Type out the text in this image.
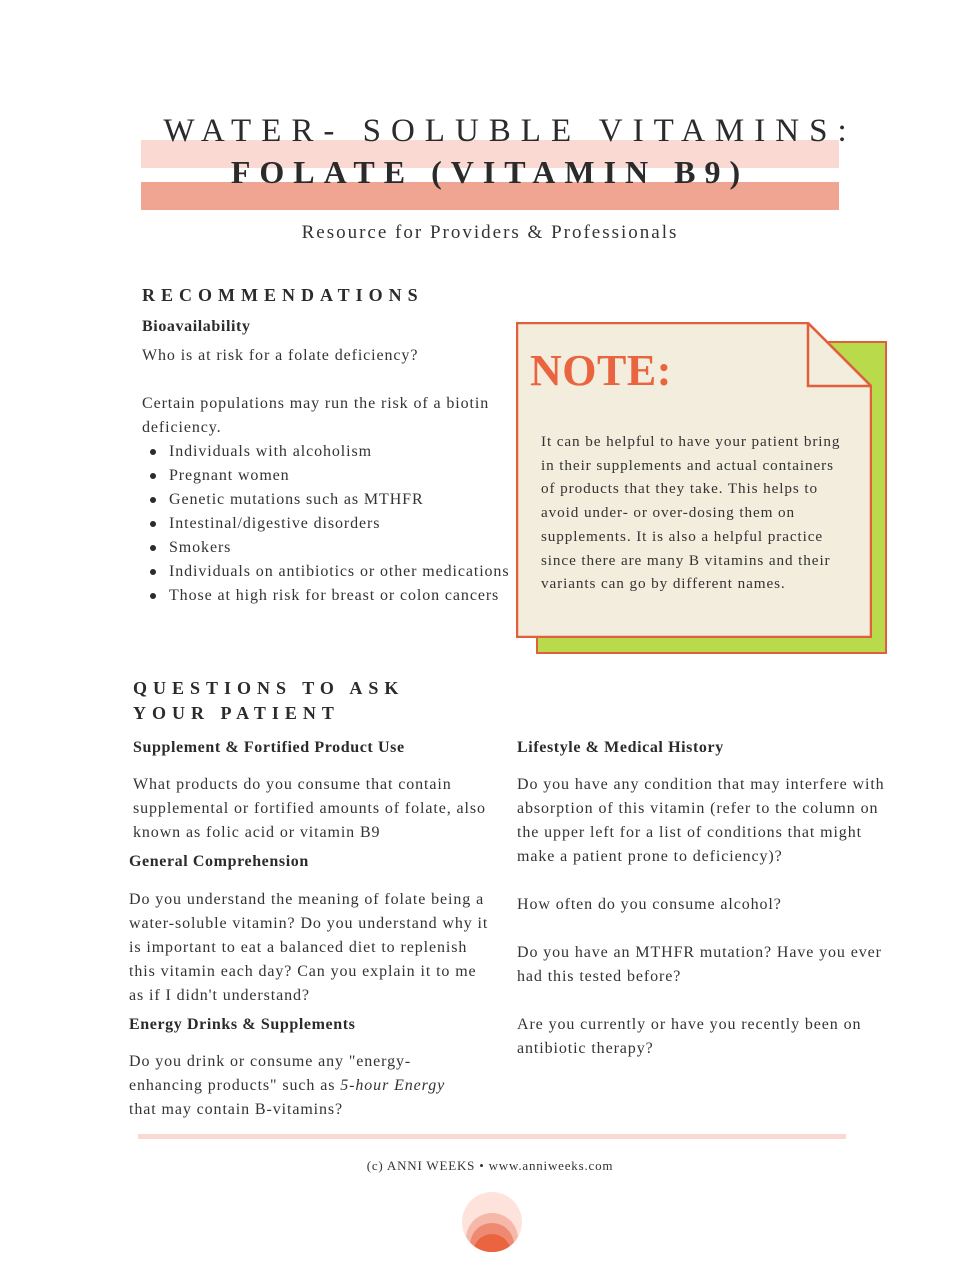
WATER- SOLUBLE VITAMINS:
FOLATE (VITAMIN B9)
Resource for Providers & Professionals
RECOMMENDATIONS
Bioavailability

Who is at risk for a folate deficiency?

Certain populations may run the risk of a biotin deficiency.

Individuals with alcoholism
Pregnant women
Genetic mutations such as MTHFR
Intestinal/digestive disorders
Smokers
Individuals on antibiotics or other medications
Those at high risk for breast or colon cancers
NOTE:
It can be helpful to have your patient bring in their supplements and actual containers of products that they take. This helps to avoid under- or over-dosing them on supplements. It is also a helpful practice since there are many B vitamins and their variants can go by different names.
QUESTIONS TO ASK
YOUR PATIENT
Supplement & Fortified Product Use
What products do you consume that contain supplemental or fortified amounts of folate, also known as folic acid or vitamin B9
General Comprehension
Do you understand the meaning of folate being a water-soluble vitamin? Do you understand why it is important to eat a balanced diet to replenish this vitamin each day? Can you explain it to me as if I didn't understand?
Energy Drinks & Supplements
Do you drink or consume any "energy-enhancing products" such as 5-hour Energy that may contain B-vitamins?
Lifestyle & Medical History

Do you have any condition that may interfere with absorption of this vitamin (refer to the column on the upper left for a list of conditions that might make a patient prone to deficiency)?

How often do you consume alcohol?

Do you have an MTHFR mutation? Have you ever had this tested before?

Are you currently or have you recently been on antibiotic therapy?

(c) ANNI WEEKS • www.anniweeks.com
